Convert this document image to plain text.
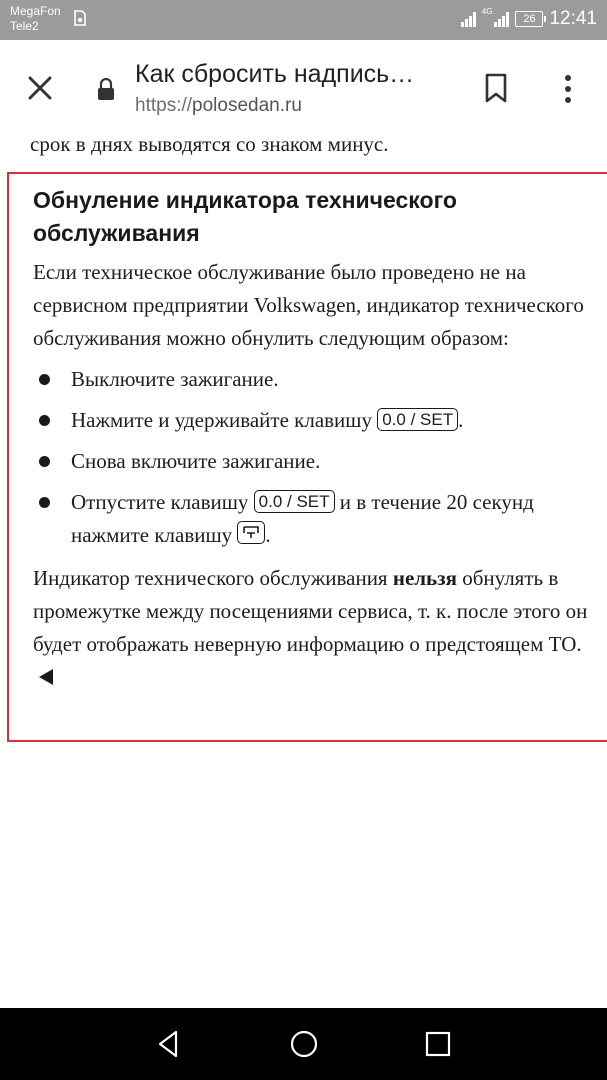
MegaFon
Tele2
4G
26 12:41
Как сбросить надпись…
https://polosedan.ru
срок в днях выводятся со знаком минус.
Обнуление индикатора технического обслуживания

Если техническое обслуживание было проведено не на сервисном предприятии Volkswagen, индикатор технического обслуживания можно обнулить следующим образом:

Выключите зажигание.
Нажмите и удерживайте клавишу 0.0 / SET .
Снова включите зажигание.
Отпустите клавишу 0.0 / SET и в течение 20 секунд нажмите клавишу .

Индикатор технического обслуживания нельзя обнулять в промежутке между посещениями сервиса, т. к. после этого он будет отображать неверную информацию о предстоящем ТО.
